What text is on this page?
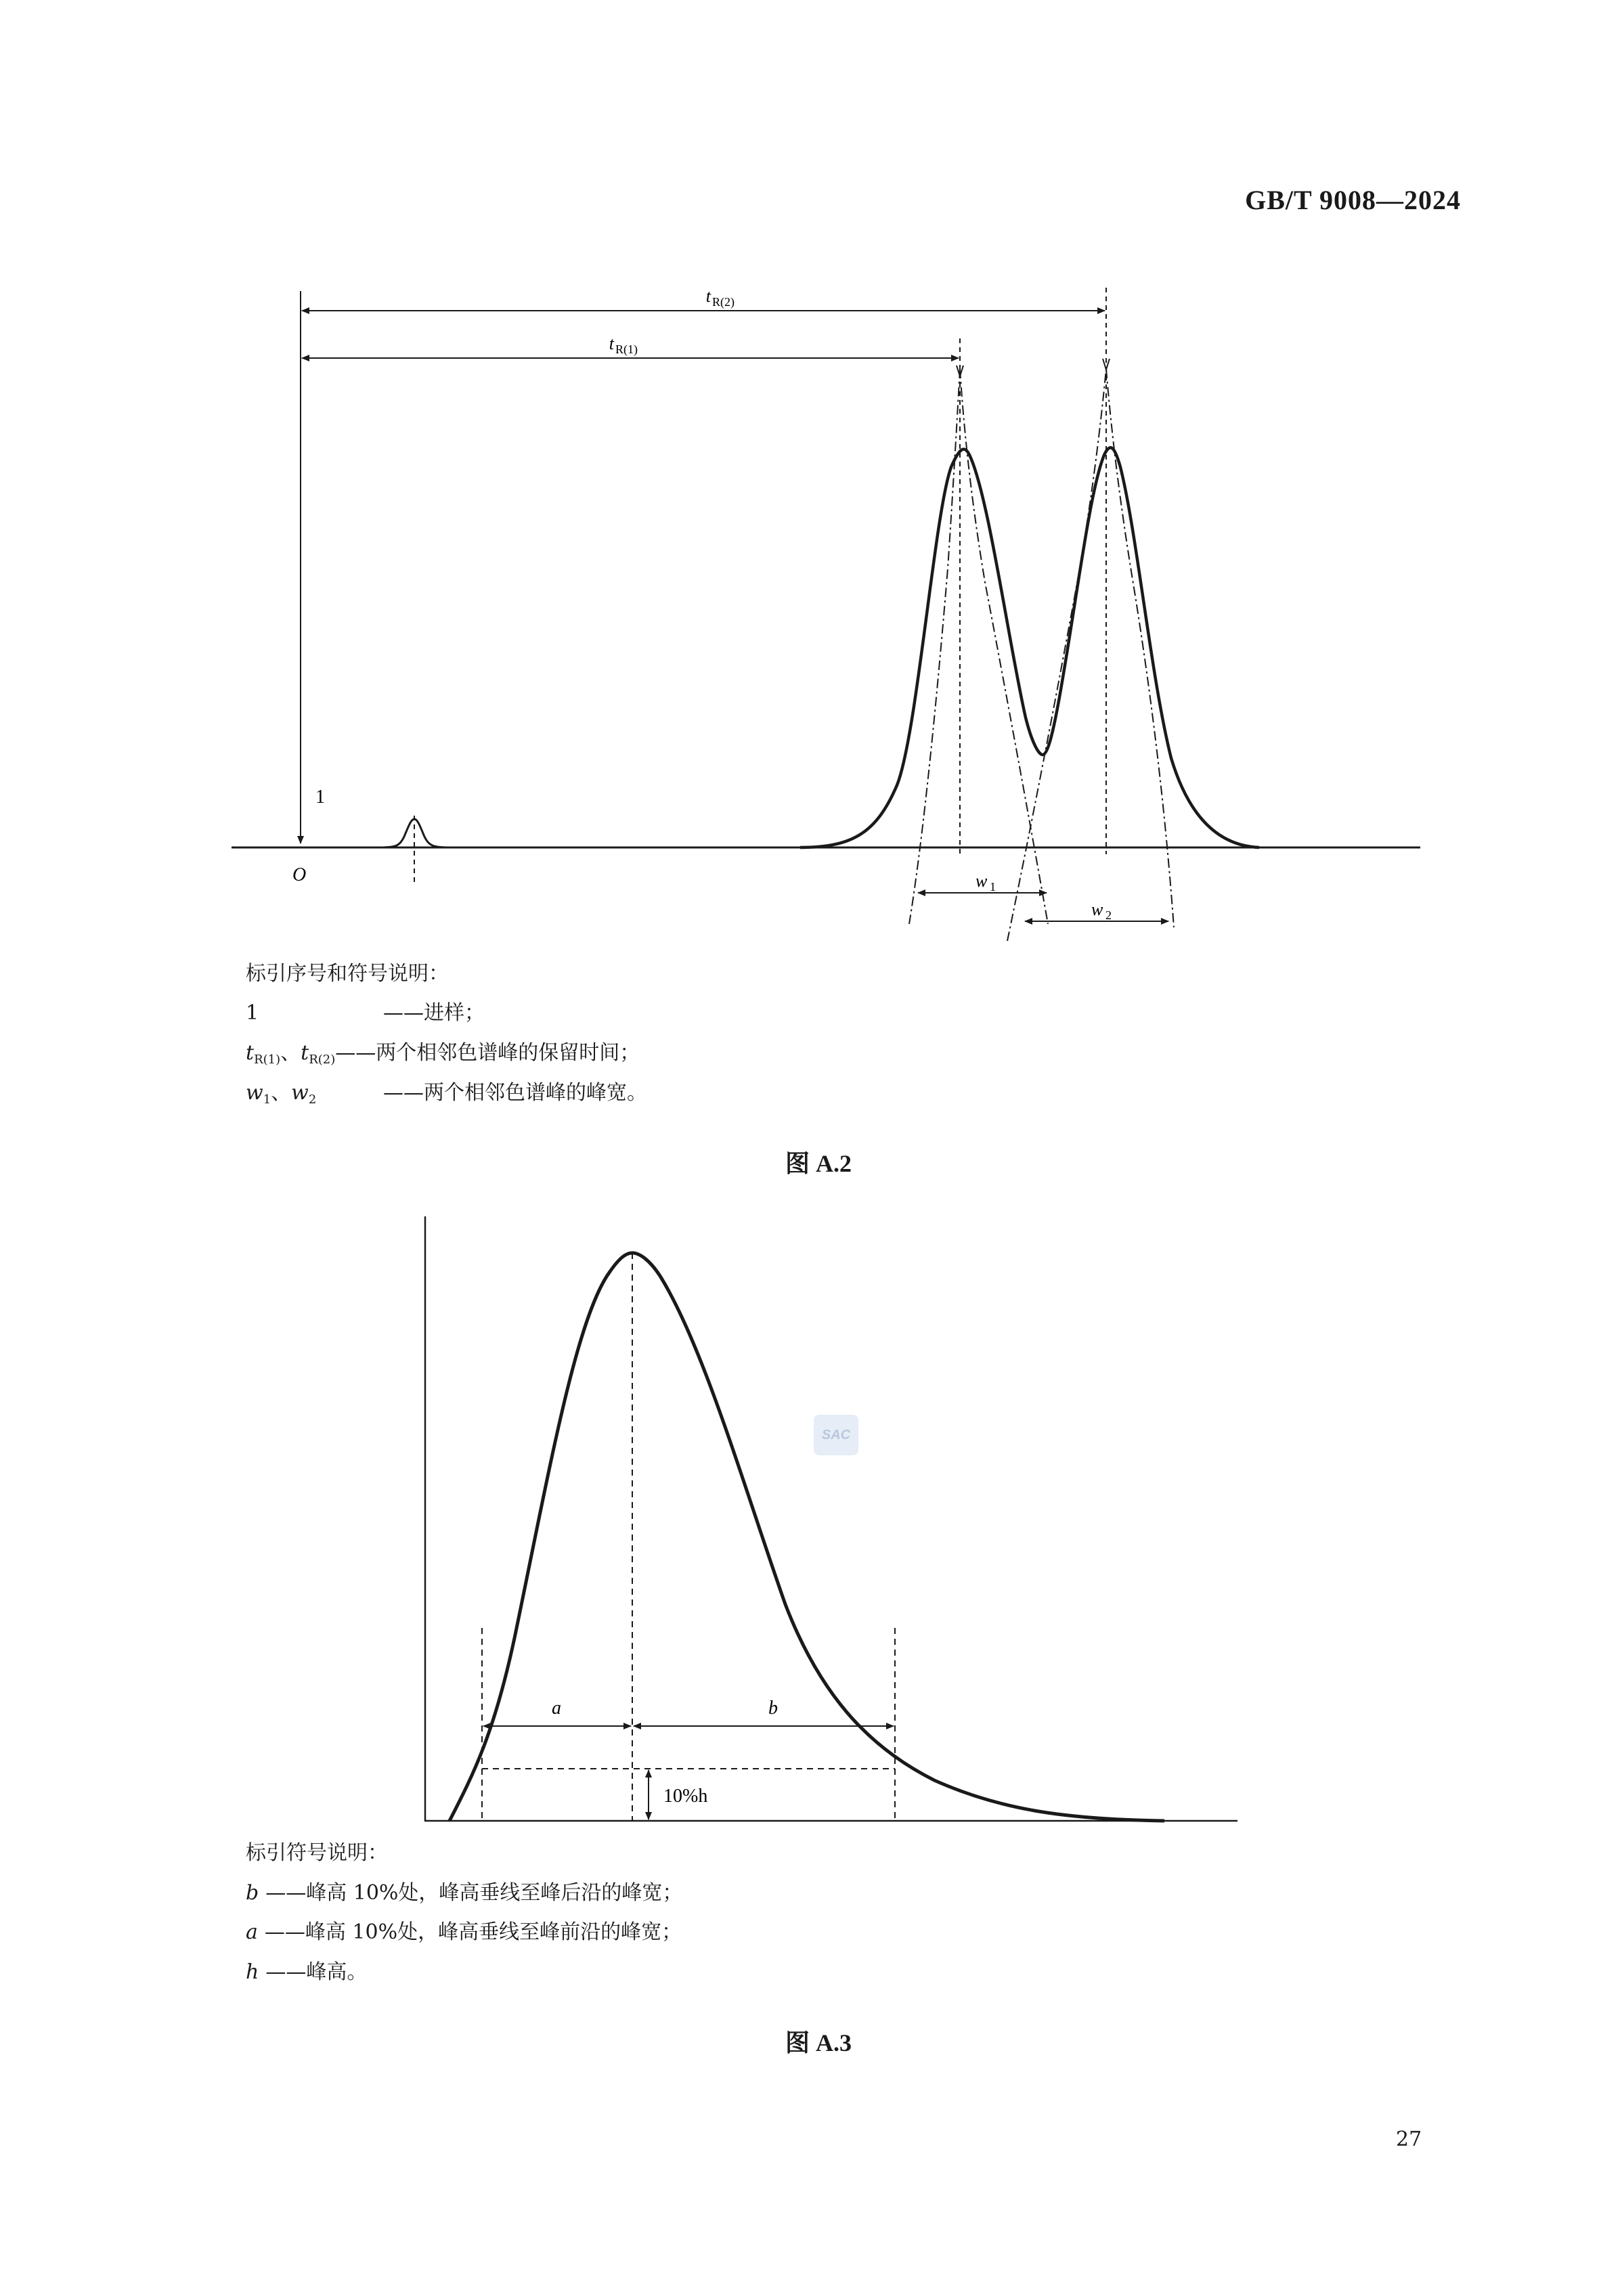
GB/T 9008—2024
t R(2)
t R(1)
w 1
w 2
1
O
标引序号和符号说明：
1	——进样；
$t_{R(1)}$、$t_{R(2)}——$两个相邻色谱峰的保留时间；
$w_1$、$w_2$	——两个相邻色谱峰的峰宽。
图 A.2
a	b
10%h
SAC
标引符号说明：
b ——峰高 10%处，峰高垂线至峰后沿的峰宽；
a ——峰高 10%处，峰高垂线至峰前沿的峰宽；
h ——峰高。
图 A.3
27
